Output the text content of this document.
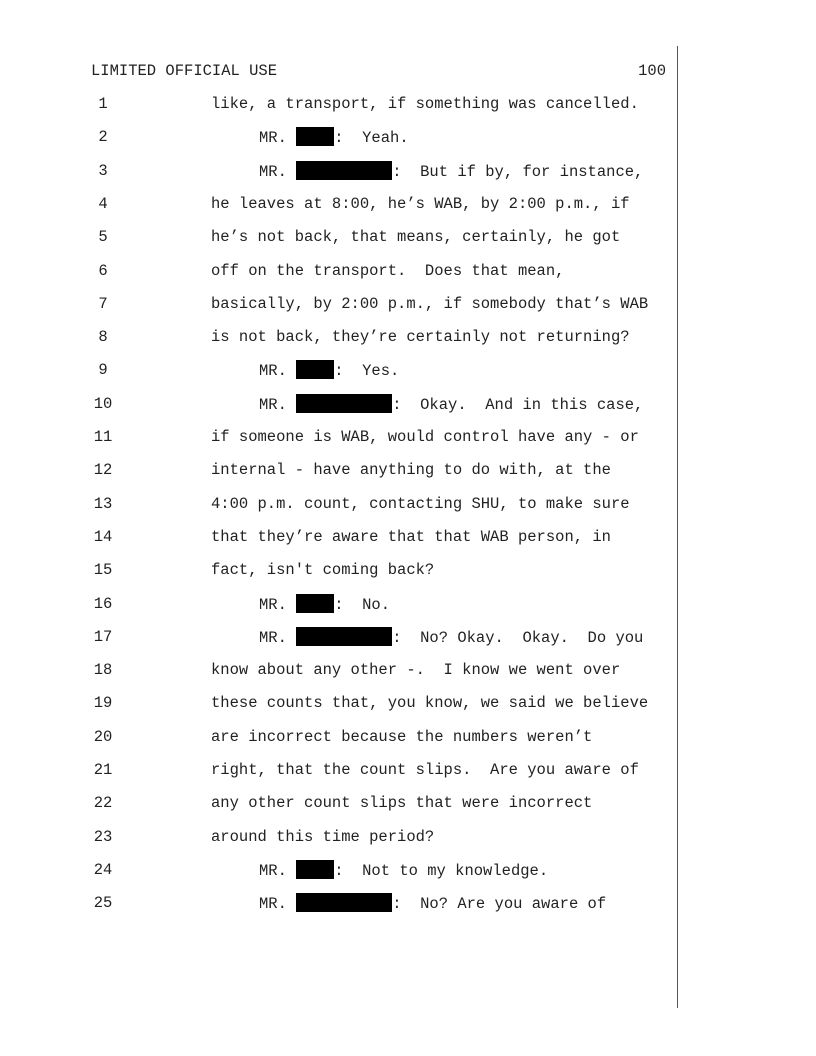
LIMITED OFFICIAL USE	100
1	like, a transport, if something was cancelled.
2	MR.	:  Yeah.
3	MR.	:  But if by, for instance,
4	he leaves at 8:00, he’s WAB, by 2:00 p.m., if
5	he’s not back, that means, certainly, he got
6	off on the transport.  Does that mean,
7	basically, by 2:00 p.m., if somebody that’s WAB
8	is not back, they’re certainly not returning?
9	MR.	:  Yes.
10	MR.	:  Okay.  And in this case,
11	if someone is WAB, would control have any - or
12	internal - have anything to do with, at the
13	4:00 p.m. count, contacting SHU, to make sure
14	that they’re aware that that WAB person, in
15	fact, isn't coming back?
16	MR.	:  No.
17	MR.	:  No? Okay.  Okay.  Do you
18	know about any other -.  I know we went over
19	these counts that, you know, we said we believe
20	are incorrect because the numbers weren’t
21	right, that the count slips.  Are you aware of
22	any other count slips that were incorrect
23	around this time period?
24	MR.	:  Not to my knowledge.
25	MR.	:  No? Are you aware of
